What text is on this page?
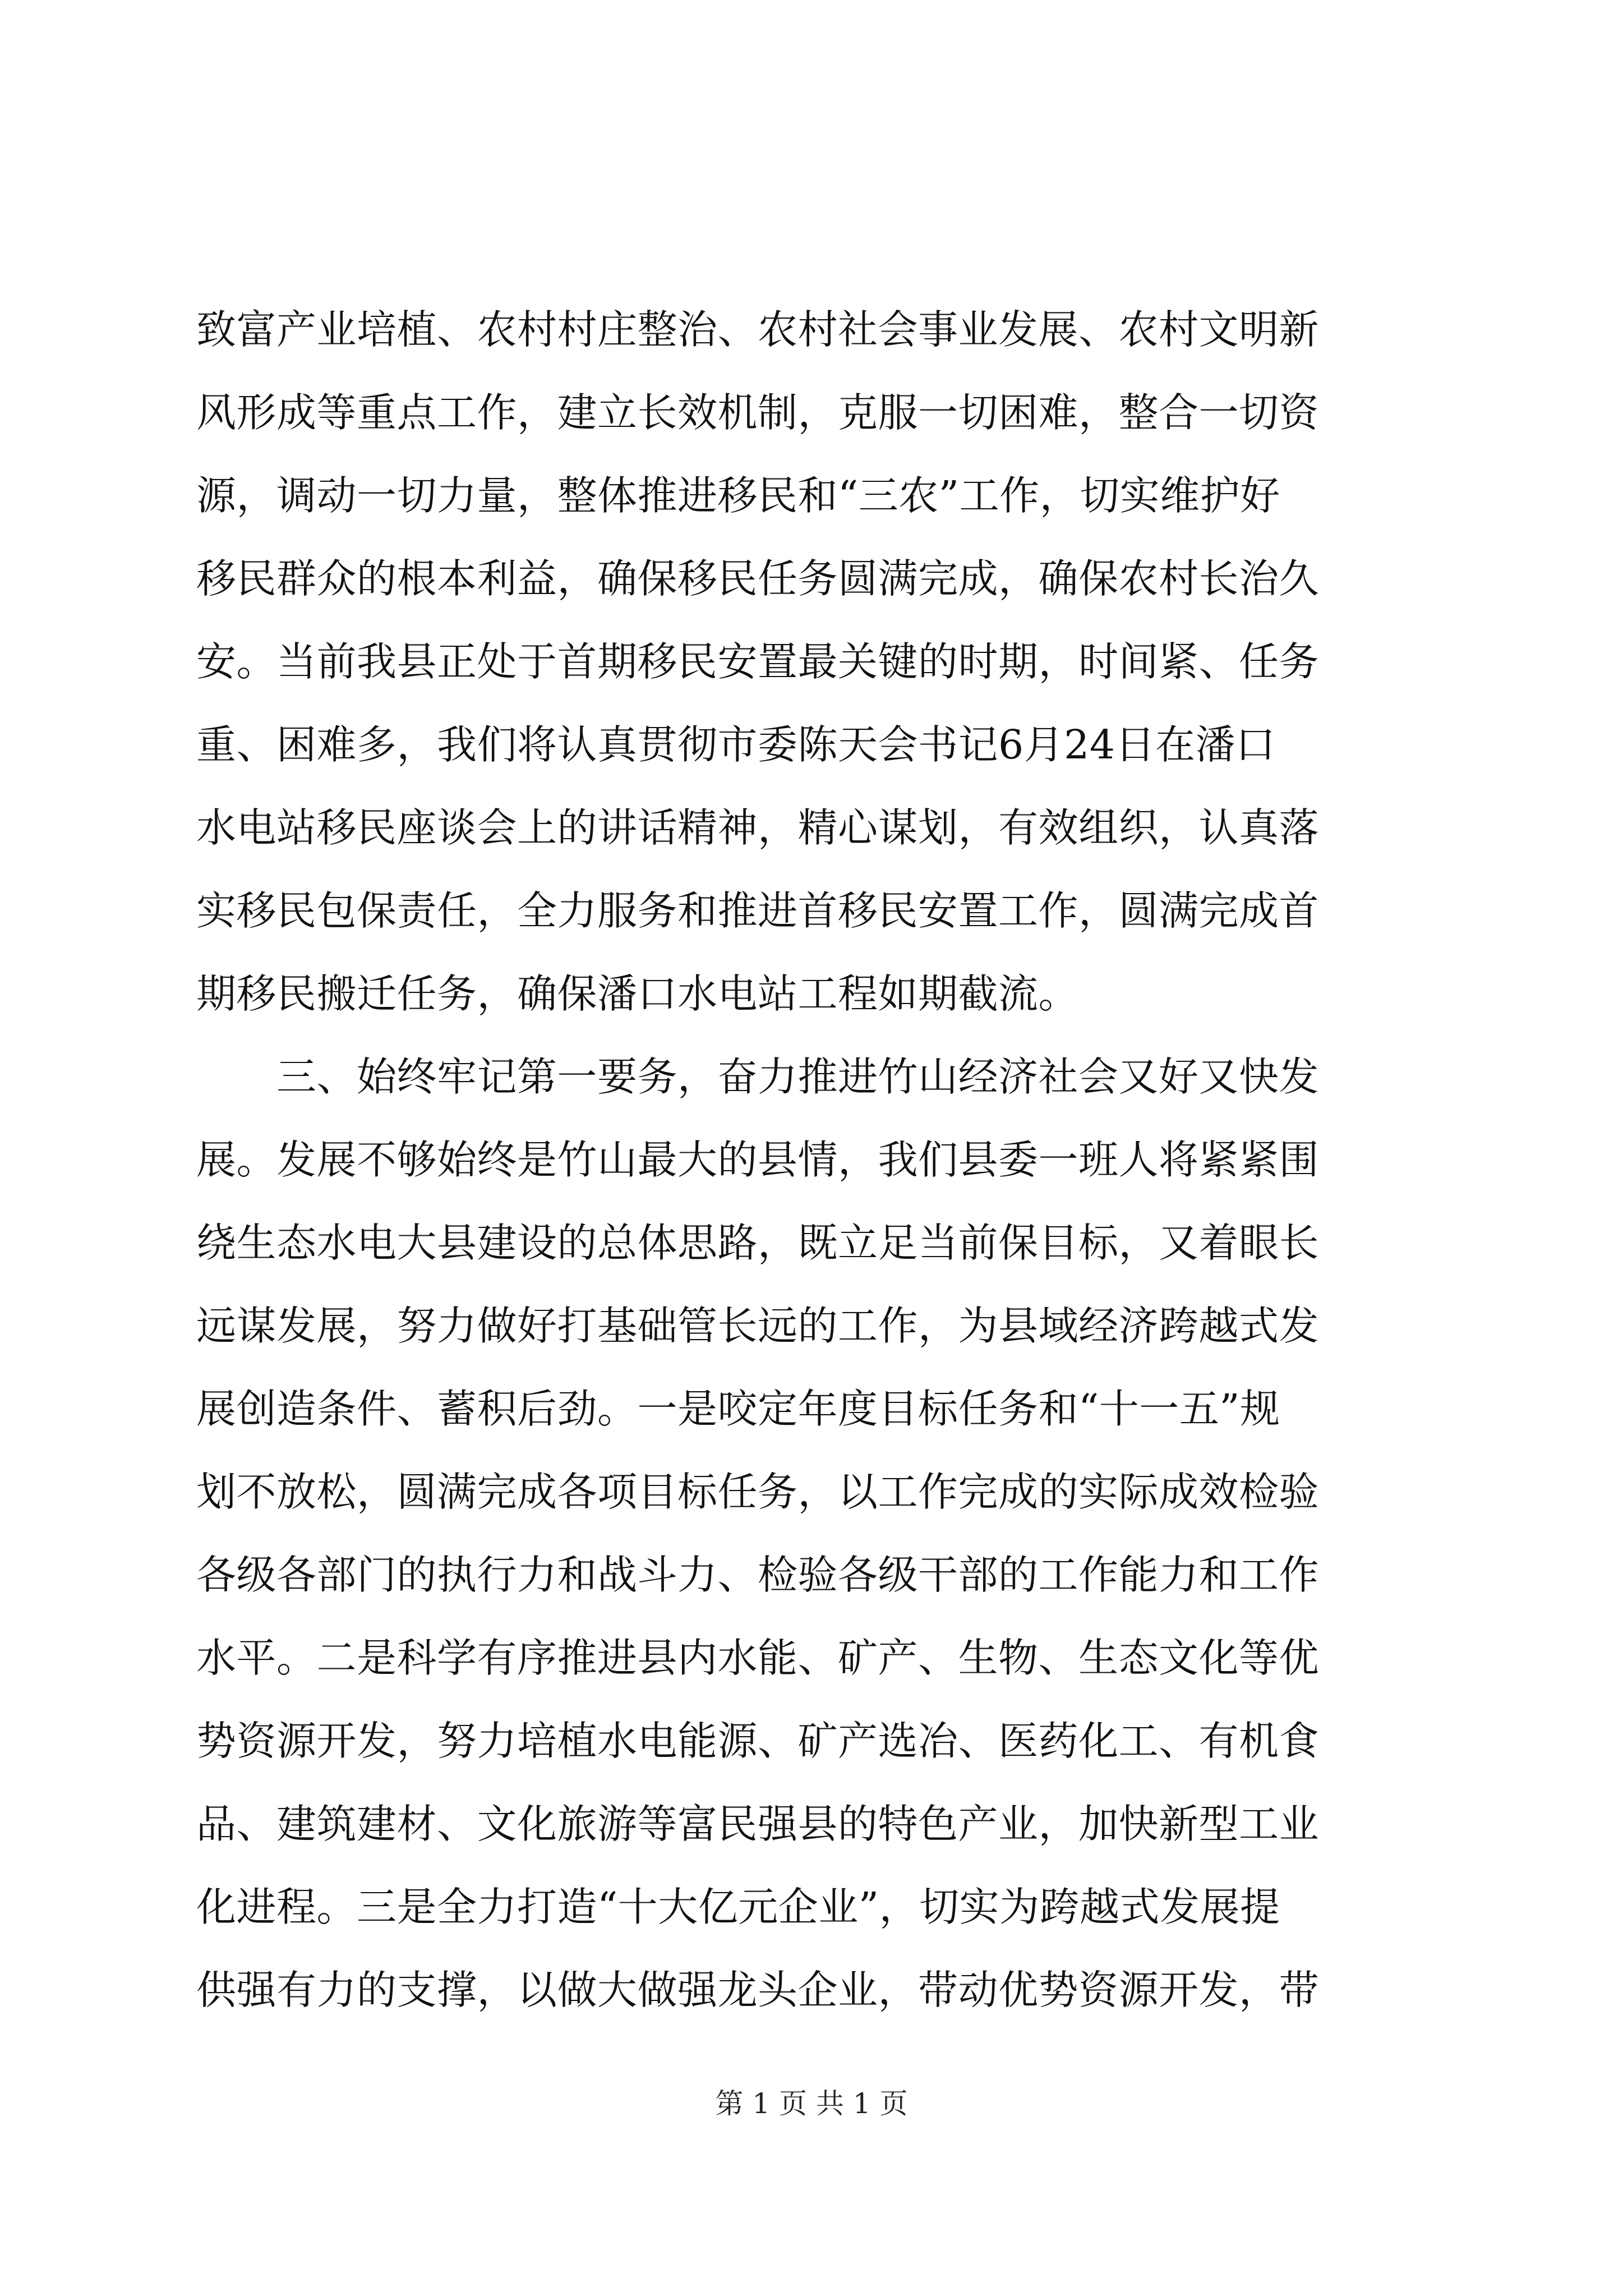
致富产业培植、农村村庄整治、农村社会事业发展、农村文明新
风形成等重点工作，建立长效机制，克服一切困难，整合一切资
源，调动一切力量，整体推进移民和“三农”工作，切实维护好
移民群众的根本利益，确保移民任务圆满完成，确保农村长治久
安。当前我县正处于首期移民安置最关键的时期，时间紧、任务
重、困难多，我们将认真贯彻市委陈天会书记6月24日在潘口
水电站移民座谈会上的讲话精神，精心谋划，有效组织，认真落
实移民包保责任，全力服务和推进首移民安置工作，圆满完成首
期移民搬迁任务，确保潘口水电站工程如期截流。
　　三、始终牢记第一要务，奋力推进竹山经济社会又好又快发
展。发展不够始终是竹山最大的县情，我们县委一班人将紧紧围
绕生态水电大县建设的总体思路，既立足当前保目标，又着眼长
远谋发展，努力做好打基础管长远的工作，为县域经济跨越式发
展创造条件、蓄积后劲。一是咬定年度目标任务和“十一五”规
划不放松，圆满完成各项目标任务，以工作完成的实际成效检验
各级各部门的执行力和战斗力、检验各级干部的工作能力和工作
水平。二是科学有序推进县内水能、矿产、生物、生态文化等优
势资源开发，努力培植水电能源、矿产选冶、医药化工、有机食
品、建筑建材、文化旅游等富民强县的特色产业，加快新型工业
化进程。三是全力打造“十大亿元企业”，切实为跨越式发展提
供强有力的支撑，以做大做强龙头企业，带动优势资源开发，带
第 1 页 共 1 页
